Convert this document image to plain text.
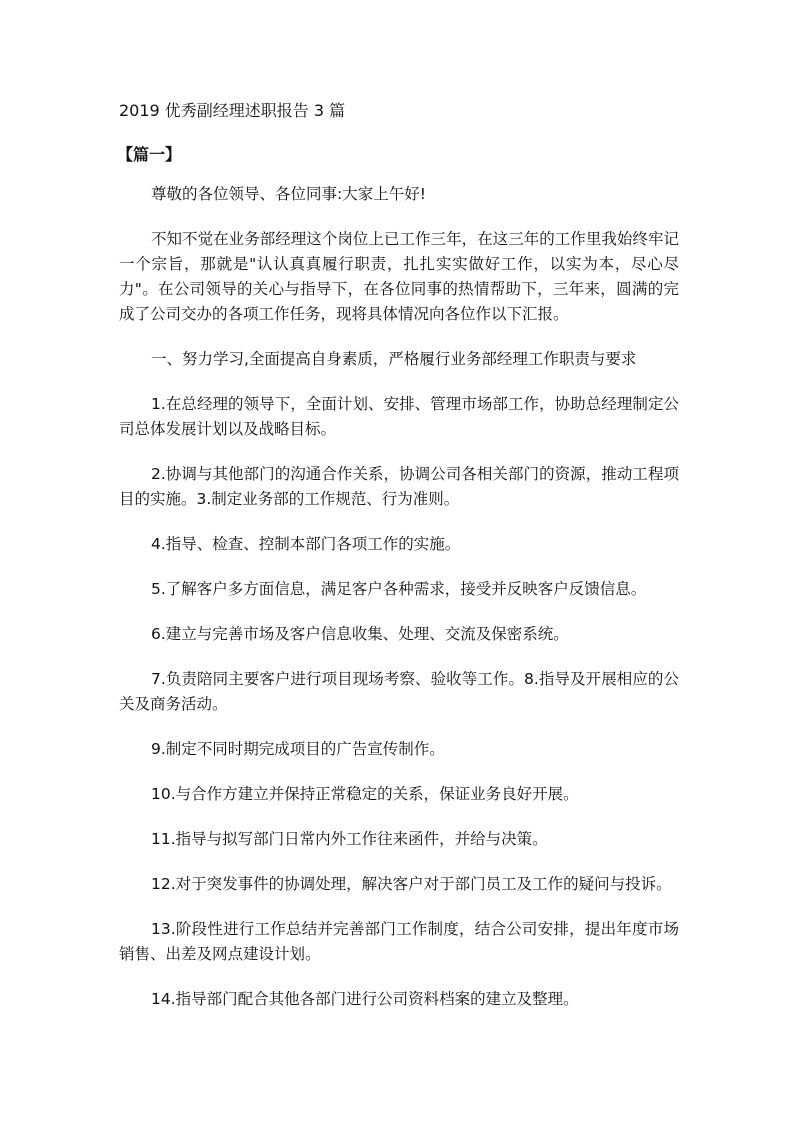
2019 优秀副经理述职报告 3 篇
【篇一】

尊敬的各位领导、各位同事:大家上午好!

不知不觉在业务部经理这个岗位上已工作三年，在这三年的工作里我始终牢记一个宗旨，那就是"认认真真履行职责，扎扎实实做好工作，以实为本，尽心尽力"。在公司领导的关心与指导下，在各位同事的热情帮助下，三年来，圆满的完成了公司交办的各项工作任务，现将具体情况向各位作以下汇报。

一、努力学习,全面提高自身素质，严格履行业务部经理工作职责与要求

1.在总经理的领导下，全面计划、安排、管理市场部工作，协助总经理制定公司总体发展计划以及战略目标。

2.协调与其他部门的沟通合作关系，协调公司各相关部门的资源，推动工程项目的实施。3.制定业务部的工作规范、行为准则。

4.指导、检查、控制本部门各项工作的实施。

5.了解客户多方面信息，满足客户各种需求，接受并反映客户反馈信息。

6.建立与完善市场及客户信息收集、处理、交流及保密系统。

7.负责陪同主要客户进行项目现场考察、验收等工作。8.指导及开展相应的公关及商务活动。

9.制定不同时期完成项目的广告宣传制作。

10.与合作方建立并保持正常稳定的关系，保证业务良好开展。

11.指导与拟写部门日常内外工作往来函件，并给与决策。

12.对于突发事件的协调处理，解决客户对于部门员工及工作的疑问与投诉。

13.阶段性进行工作总结并完善部门工作制度，结合公司安排，提出年度市场销售、出差及网点建设计划。

14.指导部门配合其他各部门进行公司资料档案的建立及整理。
